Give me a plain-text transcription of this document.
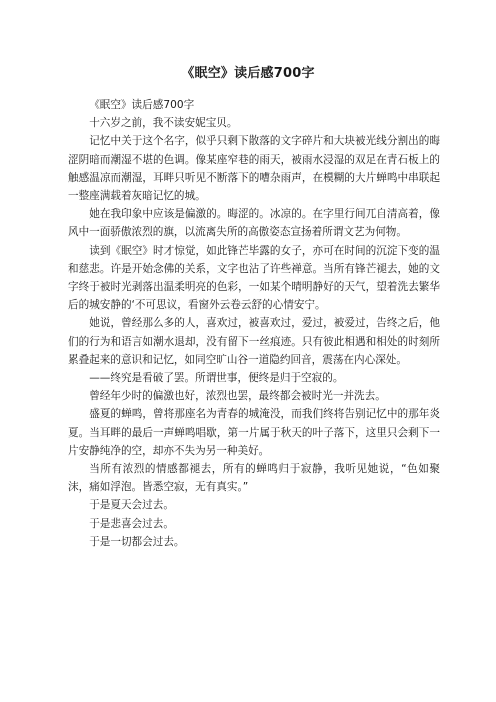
《眠空》读后感700字

《眠空》读后感700字

十六岁之前，我不读安妮宝贝。

记忆中关于这个名字，似乎只剩下散落的文字碎片和大块被光线分割出的晦涩阴暗而潮湿不堪的色调。像某座窄巷的雨天，被雨水浸湿的双足在青石板上的触感温凉而潮湿，耳畔只听见不断落下的嘈杂雨声，在模糊的大片蝉鸣中串联起一整座满载着灰暗记忆的城。

她在我印象中应该是偏激的。晦涩的。冰凉的。在字里行间兀自清高着，像风中一面骄傲浓烈的旗，以流离失所的高傲姿态宣扬着所谓文艺为何物。

读到《眠空》时才惊觉，如此锋芒毕露的女子，亦可在时间的沉淀下变的温和慈悲。许是开始念佛的关系，文字也沾了许些禅意。当所有锋芒褪去，她的文字终于被时光剥落出温柔明亮的色彩，一如某个晴明静好的天气，望着洗去繁华后的城安静的‘不可思议，看窗外云卷云舒的心情安宁。

她说，曾经那么多的人，喜欢过，被喜欢过，爱过，被爱过，告终之后，他们的行为和语言如潮水退却，没有留下一丝痕迹。只有彼此相遇和相处的时刻所累叠起来的意识和记忆，如同空旷山谷一道隐约回音，震荡在内心深处。

——终究是看破了罢。所谓世事，便终是归于空寂的。

曾经年少时的偏激也好，浓烈也罢，最终都会被时光一并洗去。

盛夏的蝉鸣，曾将那座名为青春的城淹没，而我们终将告别记忆中的那年炎夏。当耳畔的最后一声蝉鸣唱歇，第一片属于秋天的叶子落下，这里只会剩下一片安静纯净的空，却亦不失为另一种美好。

当所有浓烈的情感都褪去，所有的蝉鸣归于寂静，我听见她说，“色如聚沫，痛如浮泡。皆悉空寂，无有真实。”

于是夏天会过去。

于是悲喜会过去。

于是一切都会过去。
